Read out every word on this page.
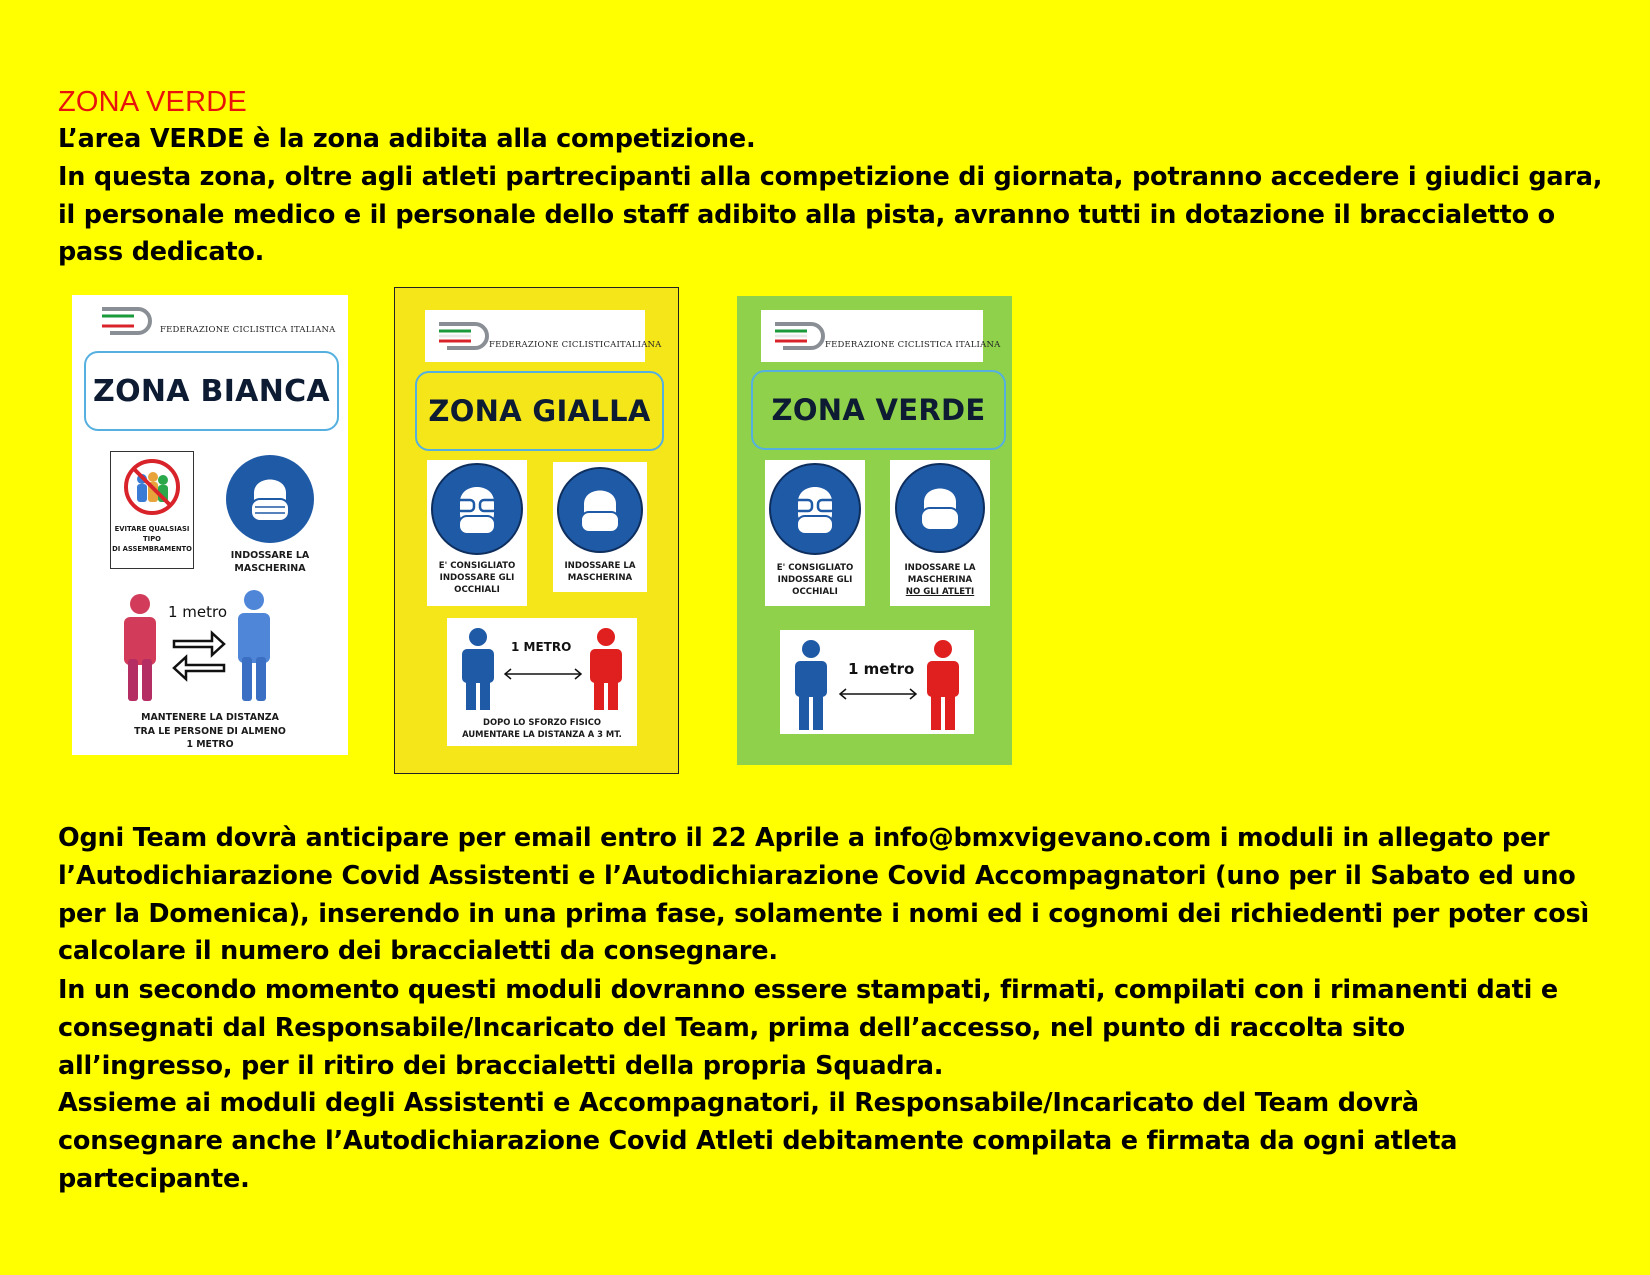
ZONA VERDE
L’area VERDE è la zona adibita alla competizione.
In questa zona, oltre agli atleti partrecipanti alla competizione di giornata, potranno accedere i giudici gara,
il personale medico e il personale dello staff adibito alla pista, avranno tutti in dotazione il braccialetto o
pass dedicato.
FEDERAZIONE CICLISTICA ITALIANA
ZONA BIANCA
EVITARE QUALSIASI
TIPO
DI ASSEMBRAMENTO
INDOSSARE LA
MASCHERINA
1 metro
MANTENERE LA DISTANZA
TRA LE PERSONE DI ALMENO
1 METRO
FEDERAZIONE CICLISTICAITALIANA
ZONA GIALLA
E' CONSIGLIATO
INDOSSARE GLI
OCCHIALI
INDOSSARE LA
MASCHERINA
1 METRO
DOPO LO SFORZO FISICO
AUMENTARE LA DISTANZA A 3 MT.
FEDERAZIONE CICLISTICA ITALIANA
ZONA VERDE
E' CONSIGLIATO
INDOSSARE GLI
OCCHIALI
INDOSSARE LA
MASCHERINA
NO GLI ATLETI
1 metro
Ogni Team dovrà anticipare per email entro il 22 Aprile a info@bmxvigevano.com i moduli in allegato per
l’Autodichiarazione Covid Assistenti e l’Autodichiarazione Covid Accompagnatori (uno per il Sabato ed uno
per la Domenica), inserendo in una prima fase, solamente i nomi ed i cognomi dei richiedenti per poter così
calcolare il numero dei braccialetti da consegnare.
In un secondo momento questi moduli dovranno essere stampati, firmati, compilati con i rimanenti dati e
consegnati dal Responsabile/Incaricato del Team, prima dell’accesso, nel punto di raccolta sito
all’ingresso, per il ritiro dei braccialetti della propria Squadra.
Assieme ai moduli degli Assistenti e Accompagnatori, il Responsabile/Incaricato del Team dovrà
consegnare anche l’Autodichiarazione Covid Atleti debitamente compilata e firmata da ogni atleta
partecipante.
